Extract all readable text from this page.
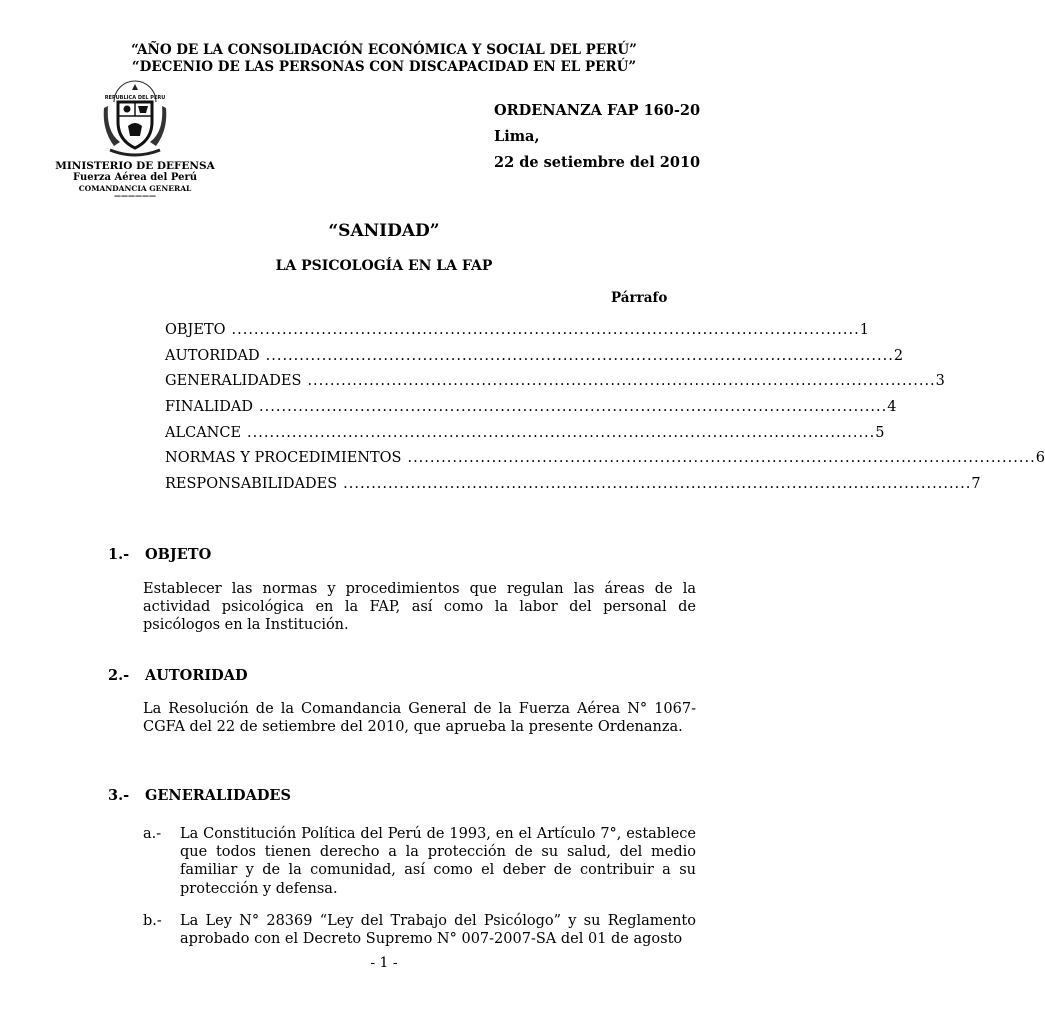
“AÑO DE LA CONSOLIDACIÓN ECONÓMICA Y SOCIAL DEL PERÚ”
“DECENIO DE LAS PERSONAS CON DISCAPACIDAD EN EL PERÚ”
REPUBLICA DEL PERU
MINISTERIO DE DEFENSA
Fuerza Aérea del Perú
COMANDANCIA GENERAL
——————
ORDENANZA FAP 160-20
Lima,
22 de setiembre del 2010
“SANIDAD”
LA PSICOLOGÍA EN LA FAP
Párrafo
OBJETO ................................................................................................................ 1
AUTORIDAD ................................................................................................................ 2
GENERALIDADES ................................................................................................................ 3
FINALIDAD ................................................................................................................ 4
ALCANCE ................................................................................................................ 5
NORMAS Y PROCEDIMIENTOS ................................................................................................................ 6
RESPONSABILIDADES ................................................................................................................ 7
1.- OBJETO
Establecer las normas y procedimientos que regulan las áreas de la actividad psicológica en la FAP, así como la labor del personal de psicólogos en la Institución.
2.- AUTORIDAD
La Resolución de la Comandancia General de la Fuerza Aérea N° 1067-CGFA del 22 de setiembre del 2010, que aprueba la presente Ordenanza.
3.- GENERALIDADES
a.- La Constitución Política del Perú de 1993, en el Artículo 7°, establece que todos tienen derecho a la protección de su salud, del medio familiar y de la comunidad, así como el deber de contribuir a su protección y defensa.
b.- La Ley N° 28369 “Ley del Trabajo del Psicólogo” y su Reglamento aprobado con el Decreto Supremo N° 007-2007-SA del 01 de agosto
- 1 -
